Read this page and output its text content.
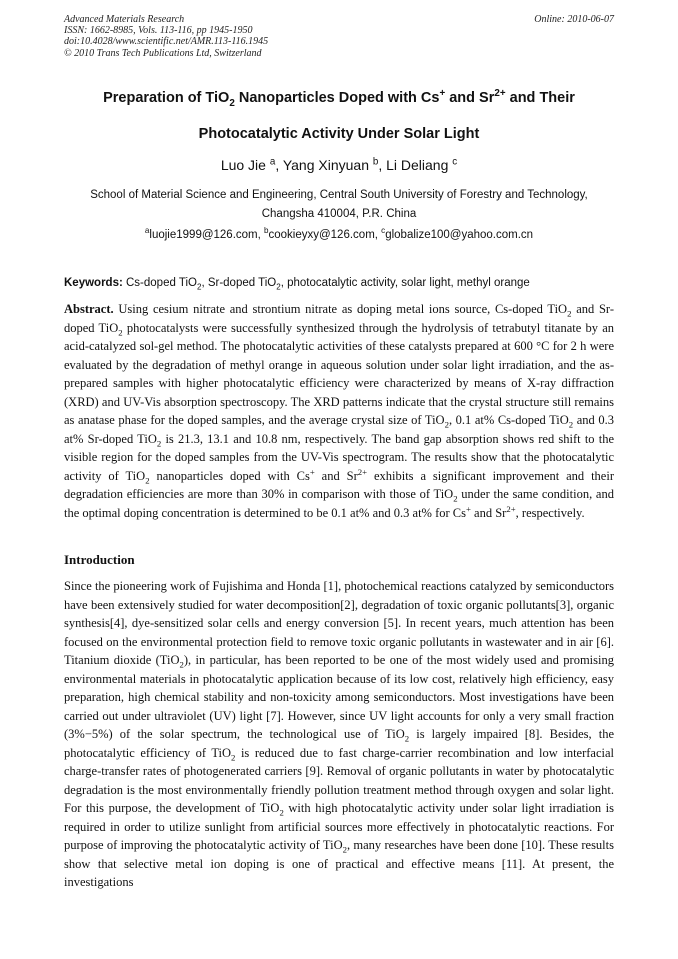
Advanced Materials Research
ISSN: 1662-8985, Vols. 113-116, pp 1945-1950
doi:10.4028/www.scientific.net/AMR.113-116.1945
© 2010 Trans Tech Publications Ltd, Switzerland
Online: 2010-06-07
Preparation of TiO$_2$ Nanoparticles Doped with Cs+ and $Sr^{2+}$ and Their
Photocatalytic Activity Under Solar Light
Luo Jie $^a$, Yang Xinyuan $^b$, Li Deliang $^c$
School of Material Science and Engineering, Central South University of Forestry and Technology,
Changsha 410004, P.R. China
$^a$luojie1999@126.com, $^b$cookieyxy@126.com, $^c$globalize100@yahoo.com.cn
Keywords: Cs-doped TiO$_2$, Sr-doped TiO$_2$, photocatalytic activity, solar light, methyl orange
Abstract. Using cesium nitrate and strontium nitrate as doping metal ions source, Cs-doped TiO$_2$ and Sr-doped TiO$_2$ photocatalysts were successfully synthesized through the hydrolysis of tetrabutyl titanate by an acid-catalyzed sol-gel method. The photocatalytic activities of these catalysts prepared at 600 °C for 2 h were evaluated by the degradation of methyl orange in aqueous solution under solar light irradiation, and the as-prepared samples with higher photocatalytic efficiency were characterized by means of X-ray diffraction (XRD) and UV-Vis absorption spectroscopy. The XRD patterns indicate that the crystal structure still remains as anatase phase for the doped samples, and the average crystal size of TiO$_2$, 0.1 at% Cs-doped TiO$_2$ and 0.3 at% Sr-doped TiO$_2$ is 21.3, 13.1 and 10.8 nm, respectively. The band gap absorption shows red shift to the visible region for the doped samples from the UV-Vis spectrogram. The results show that the photocatalytic activity of TiO$_2$ nanoparticles doped with Cs+ and $Sr^{2+}$ exhibits a significant improvement and their degradation efficiencies are more than 30% in comparison with those of TiO$_2$ under the same condition, and the optimal doping concentration is determined to be 0.1 at% and 0.3 at% for Cs+ and $Sr^{2+}$, respectively.
Introduction
Since the pioneering work of Fujishima and Honda [1], photochemical reactions catalyzed by semiconductors have been extensively studied for water decomposition[2], degradation of toxic organic pollutants[3], organic synthesis[4], dye-sensitized solar cells and energy conversion [5]. In recent years, much attention has been focused on the environmental protection field to remove toxic organic pollutants in wastewater and in air [6]. Titanium dioxide (TiO$_2$), in particular, has been reported to be one of the most widely used and promising environmental materials in photocatalytic application because of its low cost, relatively high efficiency, easy preparation, high chemical stability and non-toxicity among semiconductors. Most investigations have been carried out under ultraviolet (UV) light [7]. However, since UV light accounts for only a very small fraction (3%−5%) of the solar spectrum, the technological use of TiO$_2$ is largely impaired [8]. Besides, the photocatalytic efficiency of TiO$_2$ is reduced due to fast charge-carrier recombination and low interfacial charge-transfer rates of photogenerated carriers [9]. Removal of organic pollutants in water by photocatalytic degradation is the most environmentally friendly pollution treatment method through oxygen and solar light. For this purpose, the development of TiO$_2$ with high photocatalytic activity under solar light irradiation is required in order to utilize sunlight from artificial sources more effectively in photocatalytic reactions. For purpose of improving the photocatalytic activity of TiO$_2$, many researches have been done [10]. These results show that selective metal ion doping is one of practical and effective means [11]. At present, the investigations
